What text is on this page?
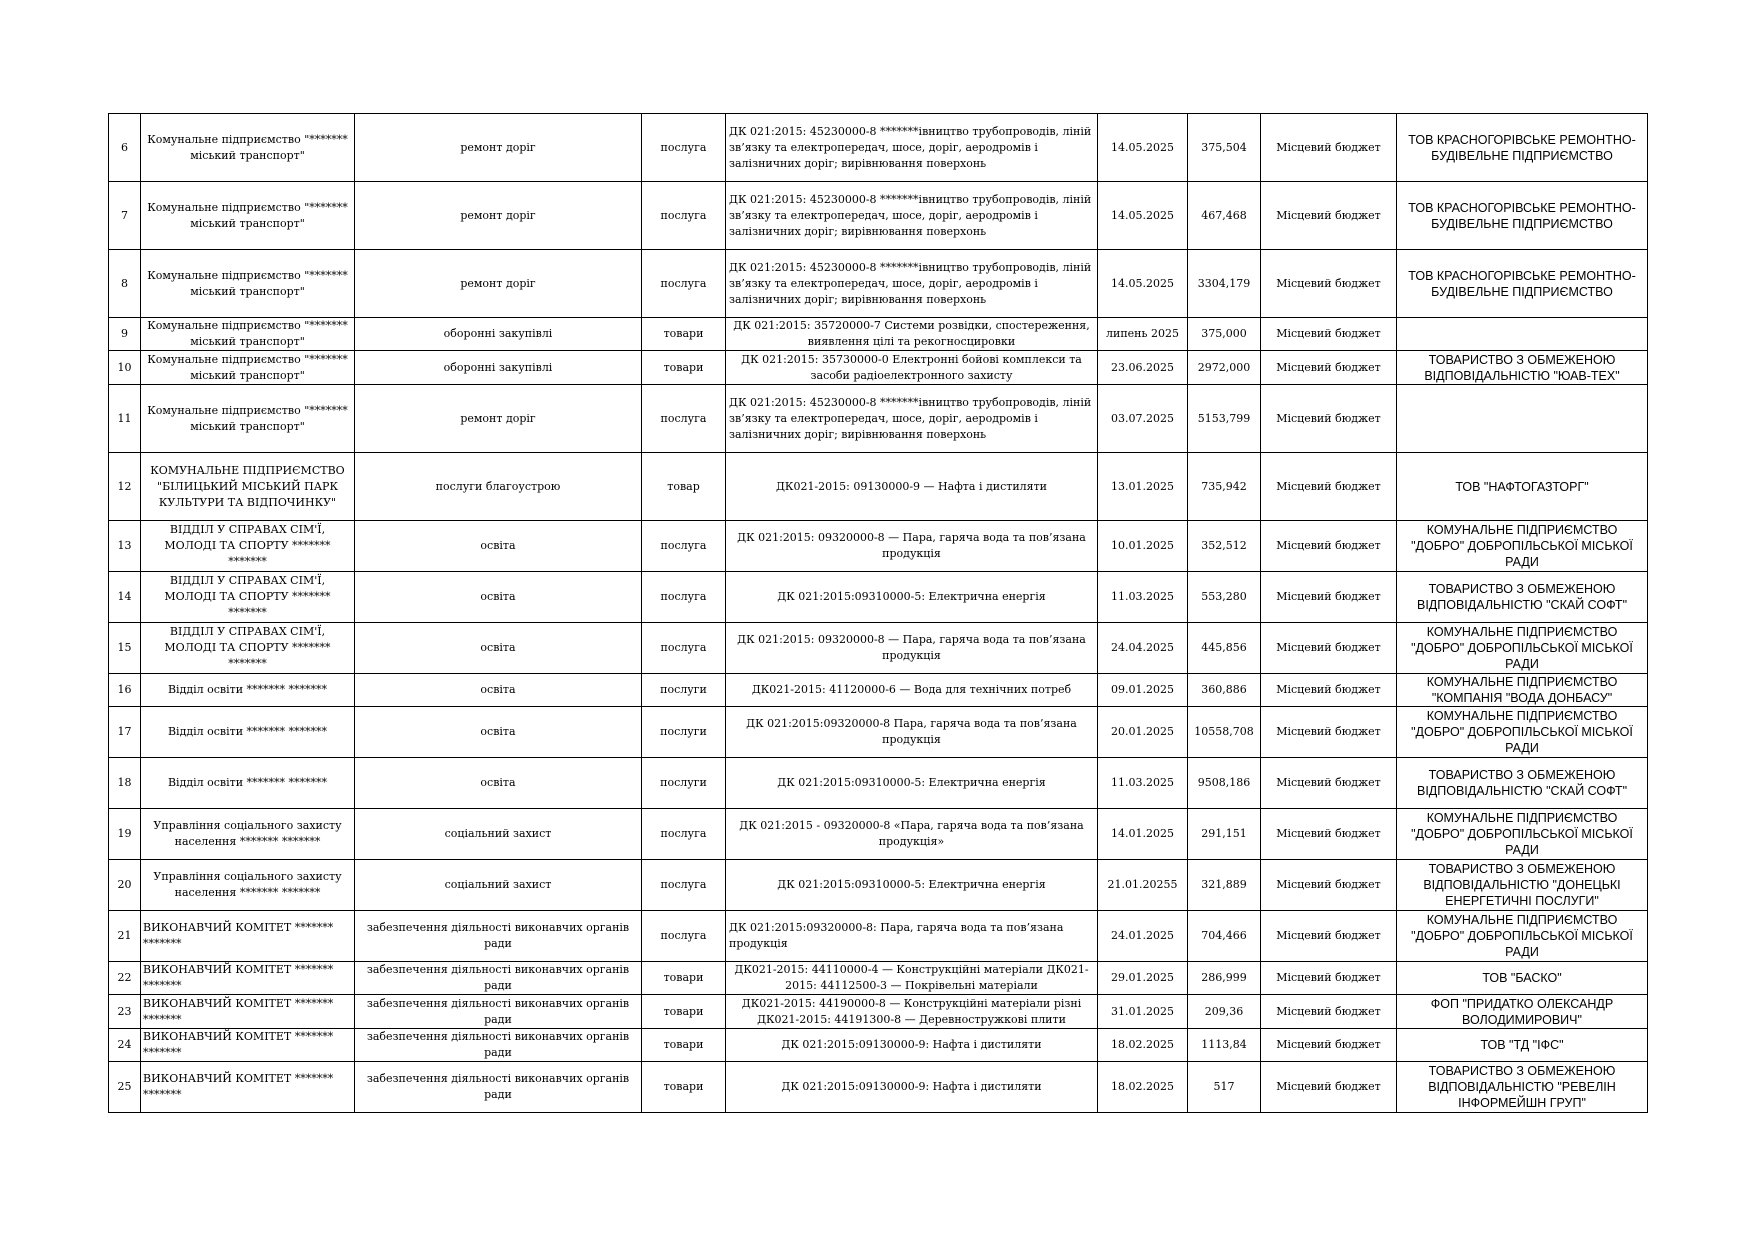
6	Комунальне підприємство "******* міський транспорт"	ремонт доріг	послуга	ДК 021:2015: 45230000-8 *******івництво трубопроводів, ліній зв’язку та електропередач, шосе, доріг, аеродромів і залізничних доріг; вирівнювання поверхонь	14.05.2025	375,504	Місцевий бюджет	ТОВ КРАСНОГОРІВСЬКЕ РЕМОНТНО-БУДІВЕЛЬНЕ ПІДПРИЄМСТВО
7	Комунальне підприємство "******* міський транспорт"	ремонт доріг	послуга	ДК 021:2015: 45230000-8 *******івництво трубопроводів, ліній зв’язку та електропередач, шосе, доріг, аеродромів і залізничних доріг; вирівнювання поверхонь	14.05.2025	467,468	Місцевий бюджет	ТОВ КРАСНОГОРІВСЬКЕ РЕМОНТНО-БУДІВЕЛЬНЕ ПІДПРИЄМСТВО
8	Комунальне підприємство "******* міський транспорт"	ремонт доріг	послуга	ДК 021:2015: 45230000-8 *******івництво трубопроводів, ліній зв’язку та електропередач, шосе, доріг, аеродромів і залізничних доріг; вирівнювання поверхонь	14.05.2025	3304,179	Місцевий бюджет	ТОВ КРАСНОГОРІВСЬКЕ РЕМОНТНО-БУДІВЕЛЬНЕ ПІДПРИЄМСТВО
9	Комунальне підприємство "******* міський транспорт"	оборонні закупівлі	товари	ДК 021:2015: 35720000-7 Системи розвідки, спостереження, виявлення цілі та рекогносцировки	липень 2025	375,000	Місцевий бюджет	
10	Комунальне підприємство "******* міський транспорт"	оборонні закупівлі	товари	ДК 021:2015: 35730000-0 Електронні бойові комплекси та засоби радіоелектронного захисту	23.06.2025	2972,000	Місцевий бюджет	ТОВАРИСТВО З ОБМЕЖЕНОЮ ВІДПОВІДАЛЬНІСТЮ "ЮАВ-ТЕХ"
11	Комунальне підприємство "******* міський транспорт"	ремонт доріг	послуга	ДК 021:2015: 45230000-8 *******івництво трубопроводів, ліній зв’язку та електропередач, шосе, доріг, аеродромів і залізничних доріг; вирівнювання поверхонь	03.07.2025	5153,799	Місцевий бюджет	
12	КОМУНАЛЬНЕ ПІДПРИЄМСТВО "БІЛИЦЬКИЙ МІСЬКИЙ ПАРК КУЛЬТУРИ ТА ВІДПОЧИНКУ"	послуги благоустрою	товар	ДК021-2015: 09130000-9 — Нафта і дистиляти	13.01.2025	735,942	Місцевий бюджет	ТОВ "НАФТОГАЗТОРГ"
13	ВІДДІЛ У СПРАВАХ СІМ'Ї, МОЛОДІ ТА СПОРТУ ******* *******	освіта	послуга	ДК 021:2015: 09320000-8 — Пара, гаряча вода та пов’язана продукція	10.01.2025	352,512	Місцевий бюджет	КОМУНАЛЬНЕ ПІДПРИЄМСТВО "ДОБРО" ДОБРОПІЛЬСЬКОЇ МІСЬКОЇ РАДИ
14	ВІДДІЛ У СПРАВАХ СІМ'Ї, МОЛОДІ ТА СПОРТУ ******* *******	освіта	послуга	ДК 021:2015:09310000-5: Електрична енергія	11.03.2025	553,280	Місцевий бюджет	ТОВАРИСТВО З ОБМЕЖЕНОЮ ВІДПОВІДАЛЬНІСТЮ "СКАЙ СОФТ"
15	ВІДДІЛ У СПРАВАХ СІМ'Ї, МОЛОДІ ТА СПОРТУ ******* *******	освіта	послуга	ДК 021:2015: 09320000-8 — Пара, гаряча вода та пов’язана продукція	24.04.2025	445,856	Місцевий бюджет	КОМУНАЛЬНЕ ПІДПРИЄМСТВО "ДОБРО" ДОБРОПІЛЬСЬКОЇ МІСЬКОЇ РАДИ
16	Відділ освіти ******* *******	освіта	послуги	ДК021-2015: 41120000-6 — Вода для технічних потреб	09.01.2025	360,886	Місцевий бюджет	КОМУНАЛЬНЕ ПІДПРИЄМСТВО "КОМПАНІЯ "ВОДА ДОНБАСУ"
17	Відділ освіти ******* *******	освіта	послуги	ДК 021:2015:09320000-8 Пара, гаряча вода та пов’язана продукція	20.01.2025	10558,708	Місцевий бюджет	КОМУНАЛЬНЕ ПІДПРИЄМСТВО "ДОБРО" ДОБРОПІЛЬСЬКОЇ МІСЬКОЇ РАДИ
18	Відділ освіти ******* *******	освіта	послуги	ДК 021:2015:09310000-5: Електрична енергія	11.03.2025	9508,186	Місцевий бюджет	ТОВАРИСТВО З ОБМЕЖЕНОЮ ВІДПОВІДАЛЬНІСТЮ "СКАЙ СОФТ"
19	Управління соціального захисту населення ******* *******	соціальний захист	послуга	ДК 021:2015 - 09320000-8 «Пара, гаряча вода та пов’язана продукція»	14.01.2025	291,151	Місцевий бюджет	КОМУНАЛЬНЕ ПІДПРИЄМСТВО "ДОБРО" ДОБРОПІЛЬСЬКОЇ МІСЬКОЇ РАДИ
20	Управління соціального захисту населення ******* *******	соціальний захист	послуга	ДК 021:2015:09310000-5: Електрична енергія	21.01.20255	321,889	Місцевий бюджет	ТОВАРИСТВО З ОБМЕЖЕНОЮ ВІДПОВІДАЛЬНІСТЮ "ДОНЕЦЬКІ ЕНЕРГЕТИЧНІ ПОСЛУГИ"
21	ВИКОНАВЧИЙ КОМІТЕТ ******* *******	забезпечення діяльності виконавчих органів ради	послуга	ДК 021:2015:09320000-8: Пара, гаряча вода та пов’язана продукція	24.01.2025	704,466	Місцевий бюджет	КОМУНАЛЬНЕ ПІДПРИЄМСТВО "ДОБРО" ДОБРОПІЛЬСЬКОЇ МІСЬКОЇ РАДИ
22	ВИКОНАВЧИЙ КОМІТЕТ ******* *******	забезпечення діяльності виконавчих органів ради	товари	ДК021-2015: 44110000-4 — Конструкційні матеріали ДК021-2015: 44112500-3 — Покрівельні матеріали	29.01.2025	286,999	Місцевий бюджет	ТОВ "БАСКО"
23	ВИКОНАВЧИЙ КОМІТЕТ ******* *******	забезпечення діяльності виконавчих органів ради	товари	ДК021-2015: 44190000-8 — Конструкційні матеріали різні ДК021-2015: 44191300-8 — Деревностружкові плити	31.01.2025	209,36	Місцевий бюджет	ФОП "ПРИДАТКО ОЛЕКСАНДР ВОЛОДИМИРОВИЧ"
24	ВИКОНАВЧИЙ КОМІТЕТ ******* *******	забезпечення діяльності виконавчих органів ради	товари	ДК 021:2015:09130000-9: Нафта і дистиляти	18.02.2025	1113,84	Місцевий бюджет	ТОВ "ТД "ІФС"
25	ВИКОНАВЧИЙ КОМІТЕТ ******* *******	забезпечення діяльності виконавчих органів ради	товари	ДК 021:2015:09130000-9: Нафта і дистиляти	18.02.2025	517	Місцевий бюджет	ТОВАРИСТВО З ОБМЕЖЕНОЮ ВІДПОВІДАЛЬНІСТЮ "РЕВЕЛІН ІНФОРМЕЙШН ГРУП"
